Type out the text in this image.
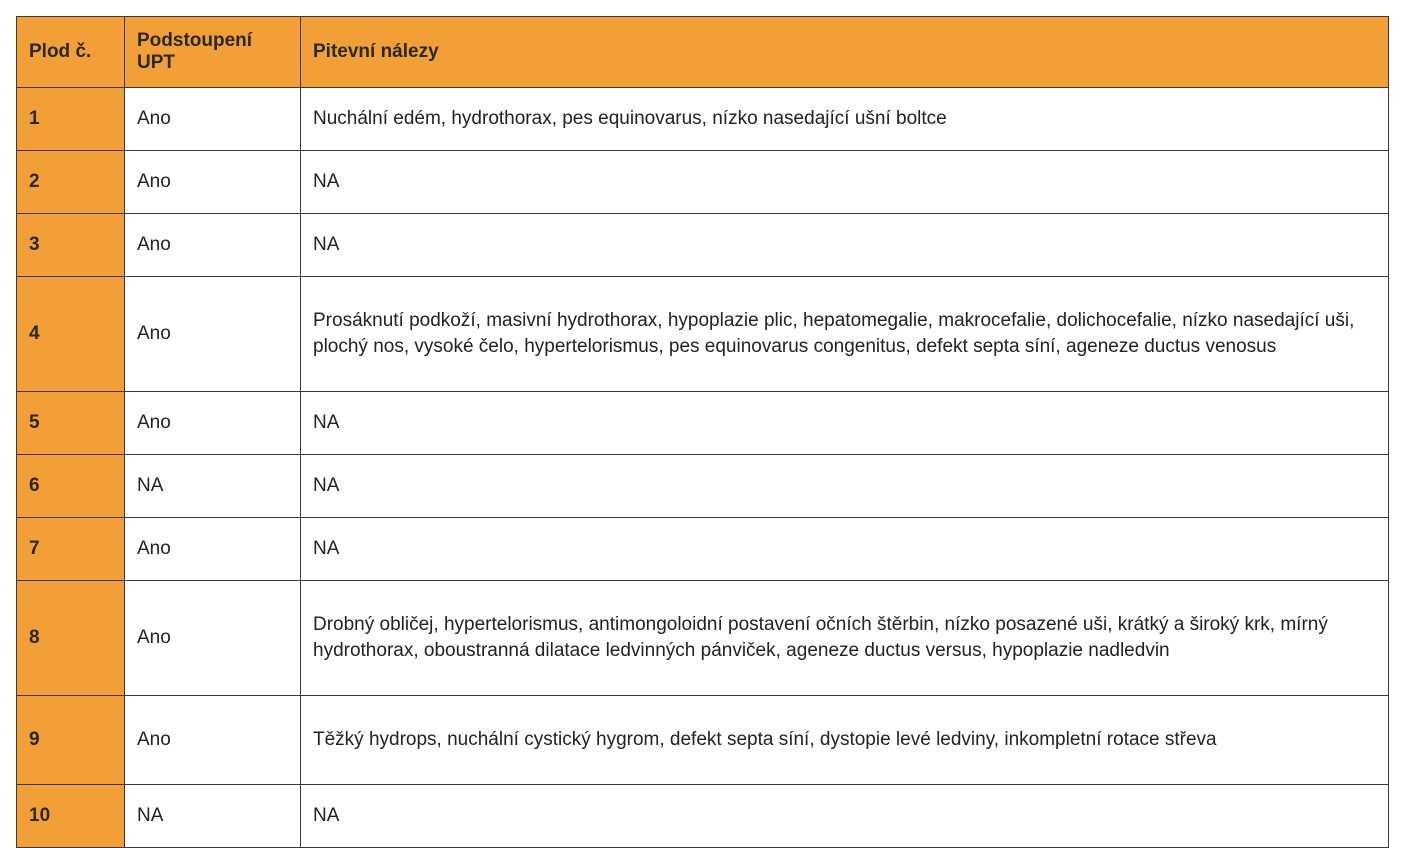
Plod č.	Podstoupení UPT	Pitevní nálezy
1	Ano	Nuchální edém, hydrothorax, pes equinovarus, nízko nasedající ušní boltce
2	Ano	NA
3	Ano	NA
4	Ano	Prosáknutí podkoží, masivní hydrothorax, hypoplazie plic, hepatomegalie, makrocefalie, dolichocefalie, nízko nasedající uši, plochý nos, vysoké čelo, hypertelorismus, pes equinovarus congenitus, defekt septa síní, ageneze ductus venosus
5	Ano	NA
6	NA	NA
7	Ano	NA
8	Ano	Drobný obličej, hypertelorismus, antimongoloidní postavení očních štěrbin, nízko posazené uši, krátký a široký krk, mírný hydrothorax, oboustranná dilatace ledvinných pánviček, ageneze ductus versus, hypoplazie nadledvin
9	Ano	Těžký hydrops, nuchální cystický hygrom, defekt septa síní, dystopie levé ledviny, inkompletní rotace střeva
10	NA	NA
